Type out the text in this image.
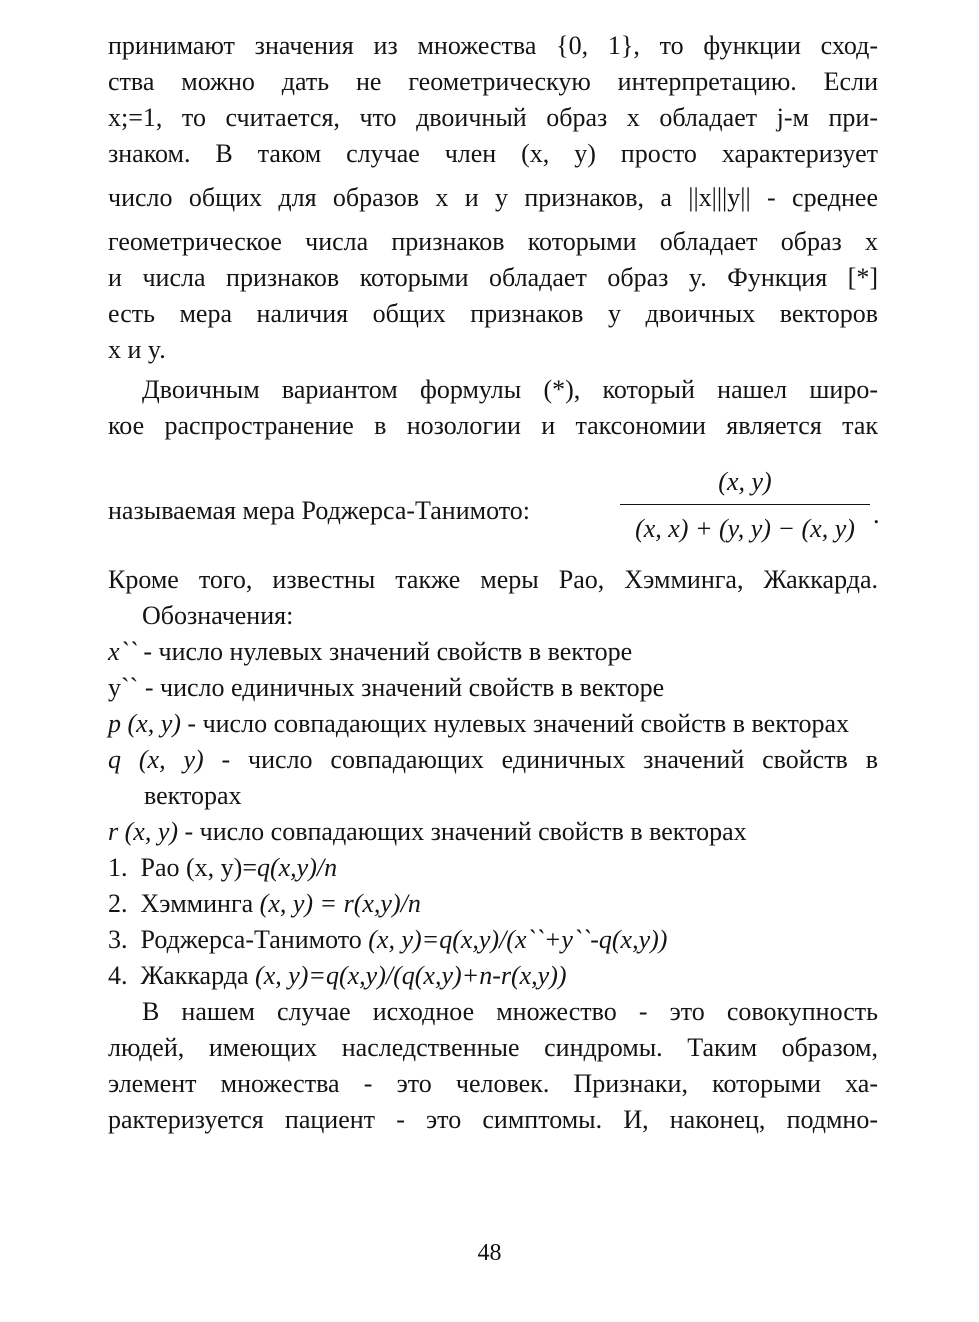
принимают значения из множества {0, 1}, то функции сход-
ства можно дать не геометрическую интерпретацию. Если
x;=1, то считается, что двоичный образ x обладает j-м при-
знаком. В таком случае член (x, y) просто характеризует
число общих для образов x и y признаков, а ||x|||y|| - среднее
геометрическое числа признаков которыми обладает образ x
и числа признаков которыми обладает образ y. Функция [*]
есть мера наличия общих признаков у двоичных векторов
x и y.
Двоичным вариантом формулы (*), который нашел широ-
кое распространение в нозологии и таксономии является так
называемая мера Роджерса-Танимото:
(x, y)
(x, x) + (y, y) − (x, y) .
Кроме того, известны также меры Рао, Хэмминга, Жаккарда.
Обозначения:
x`` - число нулевых значений свойств в векторе
y`` - число единичных значений свойств в векторе
p (x, y) - число совпадающих нулевых значений свойств в векторах
q (x, y) - число совпадающих единичных значений свойств в векторах
r (x, y) - число совпадающих значений свойств в векторах
1. Рао (x, y)=q(x,y)/n
2. Хэмминга (x, y) = r(x,y)/n
3. Роджерса-Танимото (x, y)=q(x,y)/(x``+y``-q(x,y))
4. Жаккарда (x, y)=q(x,y)/(q(x,y)+n-r(x,y))
В нашем случае исходное множество - это совокупность
людей, имеющих наследственные синдромы. Таким образом,
элемент множества - это человек. Признаки, которыми ха-
рактеризуется пациент - это симптомы. И, наконец, подмно-
48
